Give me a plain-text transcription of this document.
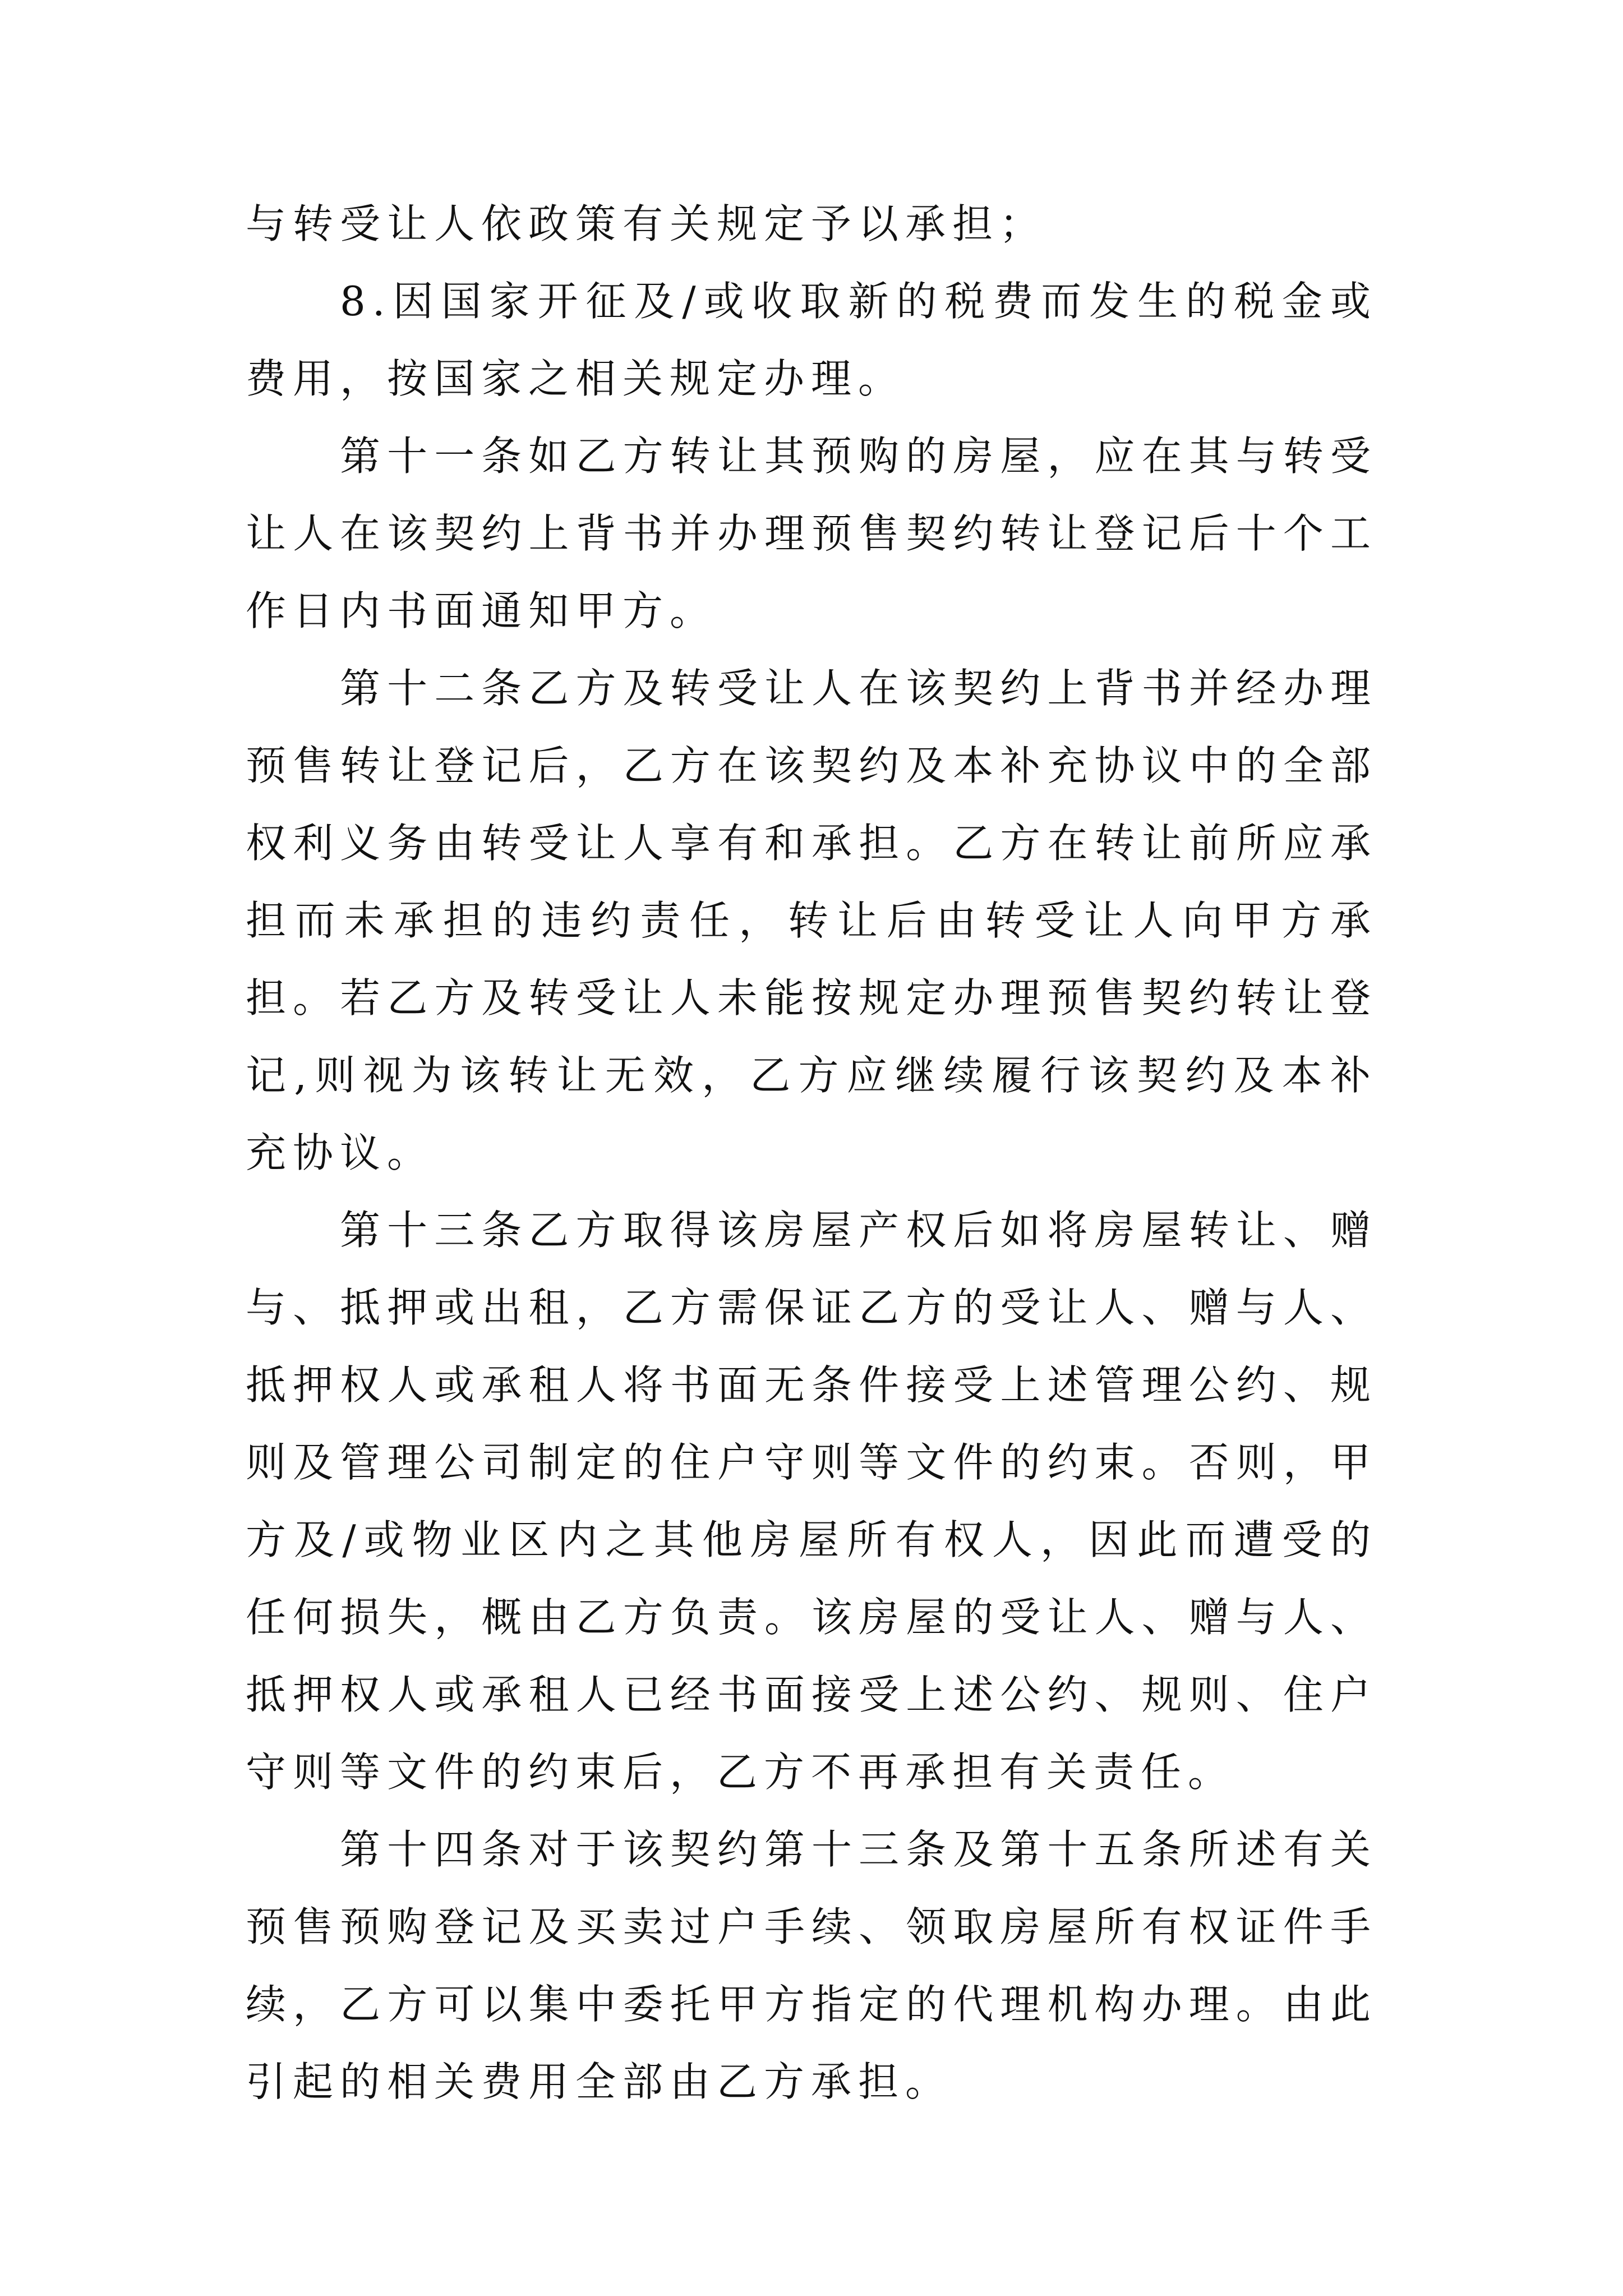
与转受让人依政策有关规定予以承担；

8.因国家开征及/或收取新的税费而发生的税金或费用，按国家之相关规定办理。

第十一条如乙方转让其预购的房屋，应在其与转受让人在该契约上背书并办理预售契约转让登记后十个工作日内书面通知甲方。

第十二条乙方及转受让人在该契约上背书并经办理预售转让登记后，乙方在该契约及本补充协议中的全部权利义务由转受让人享有和承担。乙方在转让前所应承担而未承担的违约责任，转让后由转受让人向甲方承担。若乙方及转受让人未能按规定办理预售契约转让登记,则视为该转让无效，乙方应继续履行该契约及本补充协议。

第十三条乙方取得该房屋产权后如将房屋转让、赠与、抵押或出租，乙方需保证乙方的受让人、赠与人、抵押权人或承租人将书面无条件接受上述管理公约、规则及管理公司制定的住户守则等文件的约束。否则，甲方及/或物业区内之其他房屋所有权人，因此而遭受的任何损失，概由乙方负责。该房屋的受让人、赠与人、抵押权人或承租人已经书面接受上述公约、规则、住户守则等文件的约束后，乙方不再承担有关责任。

第十四条对于该契约第十三条及第十五条所述有关预售预购登记及买卖过户手续、领取房屋所有权证件手续，乙方可以集中委托甲方指定的代理机构办理。由此引起的相关费用全部由乙方承担。
